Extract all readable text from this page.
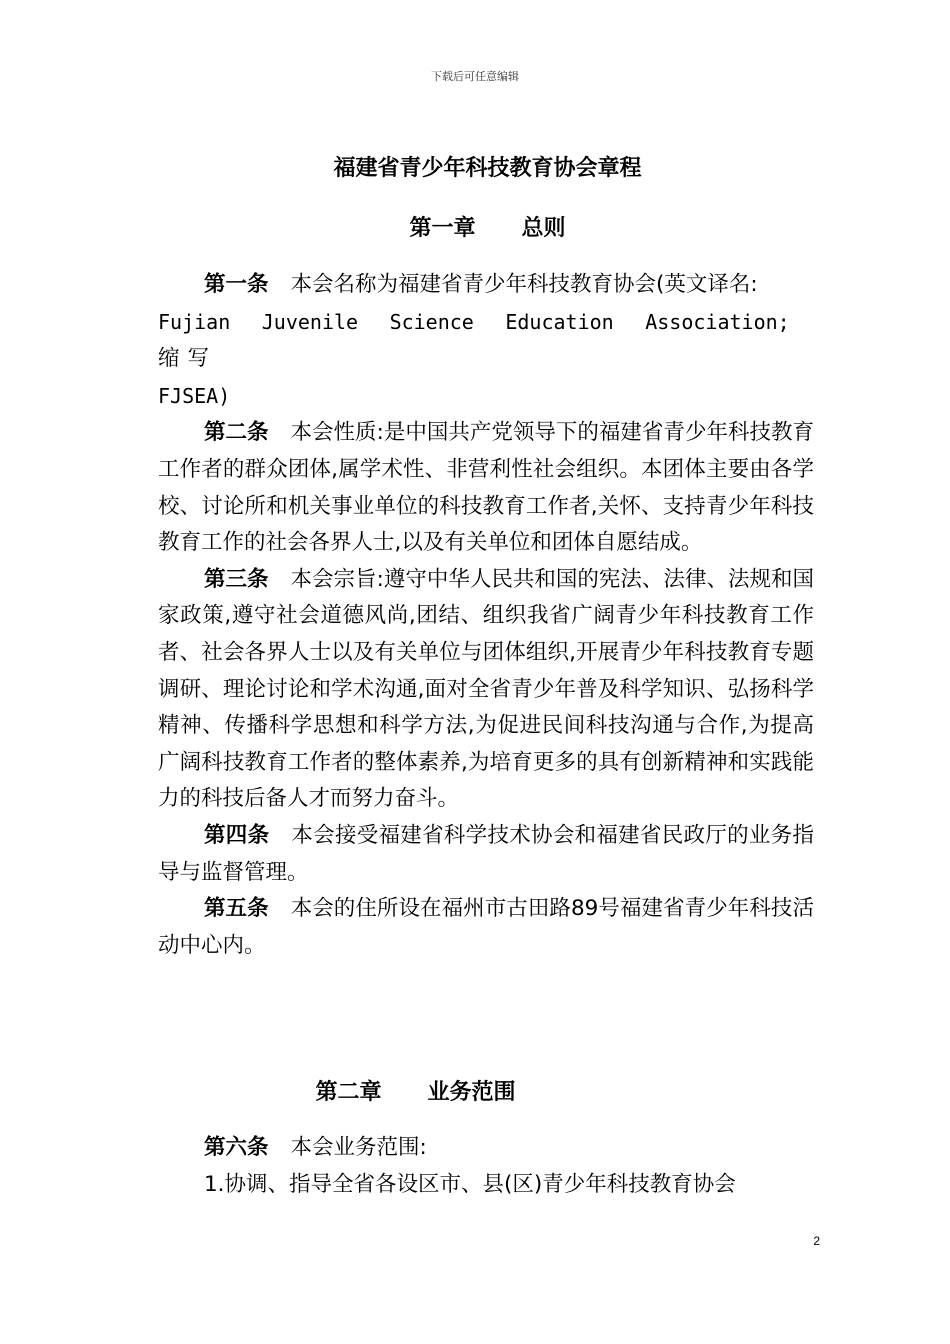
下载后可任意编辑
福建省青少年科技教育协会章程
第一章 总则
第一条 本会名称为福建省青少年科技教育协会(英文译名:
Fujian Juvenile Science Education Association; 缩写
FJSEA)
第二条 本会性质:是中国共产党领导下的福建省青少年科技教育工作者的群众团体,属学术性、非营利性社会组织。本团体主要由各学校、讨论所和机关事业单位的科技教育工作者,关怀、支持青少年科技教育工作的社会各界人士,以及有关单位和团体自愿结成。
第三条 本会宗旨:遵守中华人民共和国的宪法、法律、法规和国家政策,遵守社会道德风尚,团结、组织我省广阔青少年科技教育工作者、社会各界人士以及有关单位与团体组织,开展青少年科技教育专题调研、理论讨论和学术沟通,面对全省青少年普及科学知识、弘扬科学精神、传播科学思想和科学方法,为促进民间科技沟通与合作,为提高广阔科技教育工作者的整体素养,为培育更多的具有创新精神和实践能力的科技后备人才而努力奋斗。
第四条 本会接受福建省科学技术协会和福建省民政厅的业务指导与监督管理。
第五条 本会的住所设在福州市古田路89号福建省青少年科技活动中心内。
第二章 业务范围
第六条 本会业务范围:
1.协调、指导全省各设区市、县(区)青少年科技教育协会
2
